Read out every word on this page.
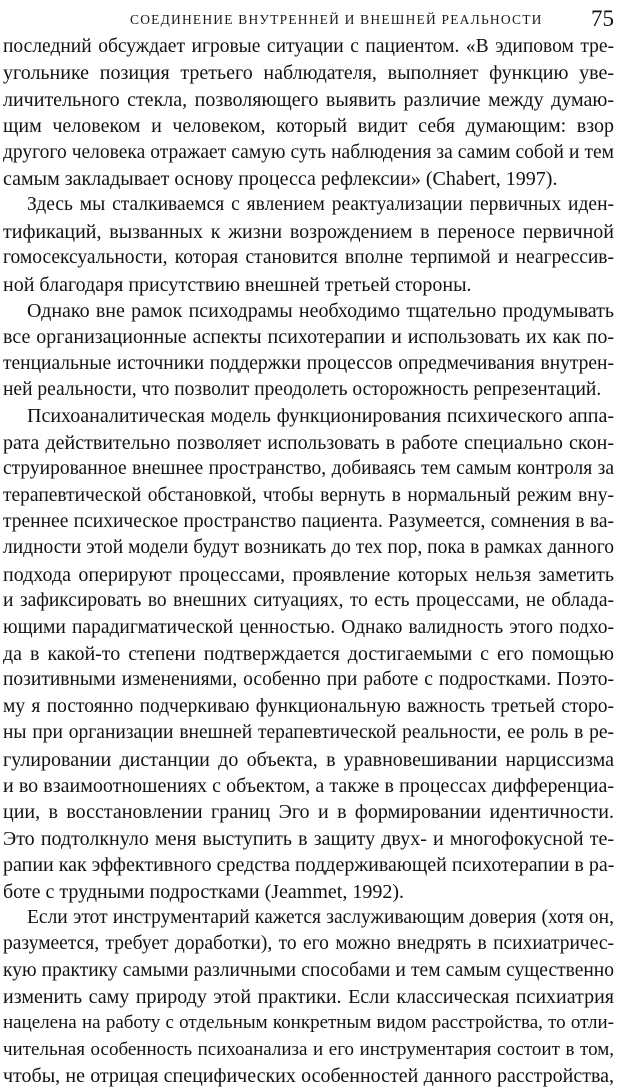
СОЕДИНЕНИЕ ВНУТРЕННЕЙ И ВНЕШНЕЙ РЕАЛЬНОСТИ 75
последний обсуждает игровые ситуации с пациентом. «В эдиповом тре-
угольнике позиция третьего наблюдателя, выполняет функцию уве-
личительного стекла, позволяющего выявить различие между думаю-
щим человеком и человеком, который видит себя думающим: взор
другого человека отражает самую суть наблюдения за самим собой и тем
самым закладывает основу процесса рефлексии» (Chabert, 1997).
Здесь мы сталкиваемся с явлением реактуализации первичных иден-
тификаций, вызванных к жизни возрождением в переносе первичной
гомосексуальности, которая становится вполне терпимой и неагрессив-
ной благодаря присутствию внешней третьей стороны.
Однако вне рамок психодрамы необходимо тщательно продумывать
все организационные аспекты психотерапии и использовать их как по-
тенциальные источники поддержки процессов опредмечивания внутрен-
ней реальности, что позволит преодолеть осторожность репрезентаций.
Психоаналитическая модель функционирования психического аппа-
рата действительно позволяет использовать в работе специально скон-
струированное внешнее пространство, добиваясь тем самым контроля за
терапевтической обстановкой, чтобы вернуть в нормальный режим вну-
треннее психическое пространство пациента. Разумеется, сомнения в ва-
лидности этой модели будут возникать до тех пор, пока в рамках данного
подхода оперируют процессами, проявление которых нельзя заметить
и зафиксировать во внешних ситуациях, то есть процессами, не облада-
ющими парадигматической ценностью. Однако валидность этого подхо-
да в какой-то степени подтверждается достигаемыми с его помощью
позитивными изменениями, особенно при работе с подростками. Поэто-
му я постоянно подчеркиваю функциональную важность третьей сторо-
ны при организации внешней терапевтической реальности, ее роль в ре-
гулировании дистанции до объекта, в уравновешивании нарциссизма
и во взаимоотношениях с объектом, а также в процессах дифференциа-
ции, в восстановлении границ Эго и в формировании идентичности.
Это подтолкнуло меня выступить в защиту двух- и многофокусной те-
рапии как эффективного средства поддерживающей психотерапии в ра-
боте с трудными подростками (Jeammet, 1992).
Если этот инструментарий кажется заслуживающим доверия (хотя он,
разумеется, требует доработки), то его можно внедрять в психиатричес-
кую практику самыми различными способами и тем самым существенно
изменить саму природу этой практики. Если классическая психиатрия
нацелена на работу с отдельным конкретным видом расстройства, то отли-
чительная особенность психоанализа и его инструментария состоит в том,
чтобы, не отрицая специфических особенностей данного расстройства,
